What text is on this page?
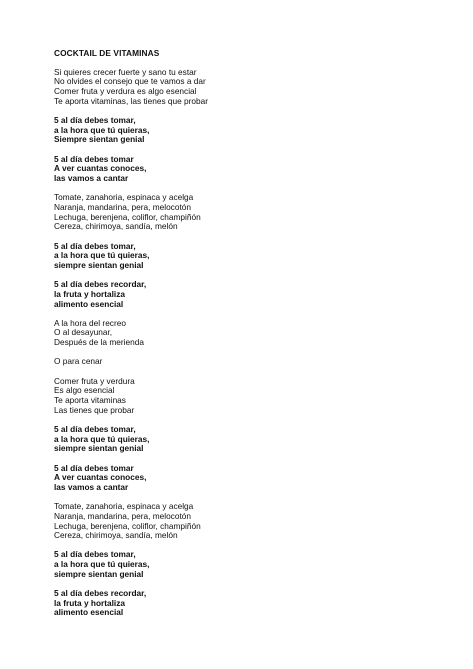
COCKTAIL DE VITAMINAS
Si quieres crecer fuerte y sano tu estar
No olvides el consejo que te vamos a dar
Comer fruta y verdura es algo esencial
Te aporta vitaminas, las tienes que probar
5 al día debes tomar,
a la hora que tú quieras,
Siempre sientan genial
5 al día debes tomar
A ver cuantas conoces,
las vamos a cantar
Tomate, zanahoria, espinaca y acelga
Naranja, mandarina, pera, melocotón
Lechuga, berenjena, coliflor, champiñón
Cereza, chirimoya, sandía, melón
5 al día debes tomar,
a la hora que tú quieras,
siempre sientan genial
5 al día debes recordar,
la fruta y hortaliza
alimento esencial
A la hora del recreo
O al desayunar,
Después de la merienda
O para cenar
Comer fruta y verdura
Es algo esencial
Te aporta vitaminas
Las tienes que probar
5 al día debes tomar,
a la hora que tú quieras,
siempre sientan genial
5 al día debes tomar
A ver cuantas conoces,
las vamos a cantar
Tomate, zanahoria, espinaca y acelga
Naranja, mandarina, pera, melocotón
Lechuga, berenjena, coliflor, champiñón
Cereza, chirimoya, sandía, melón
5 al día debes tomar,
a la hora que tú quieras,
siempre sientan genial
5 al día debes recordar,
la fruta y hortaliza
alimento esencial
